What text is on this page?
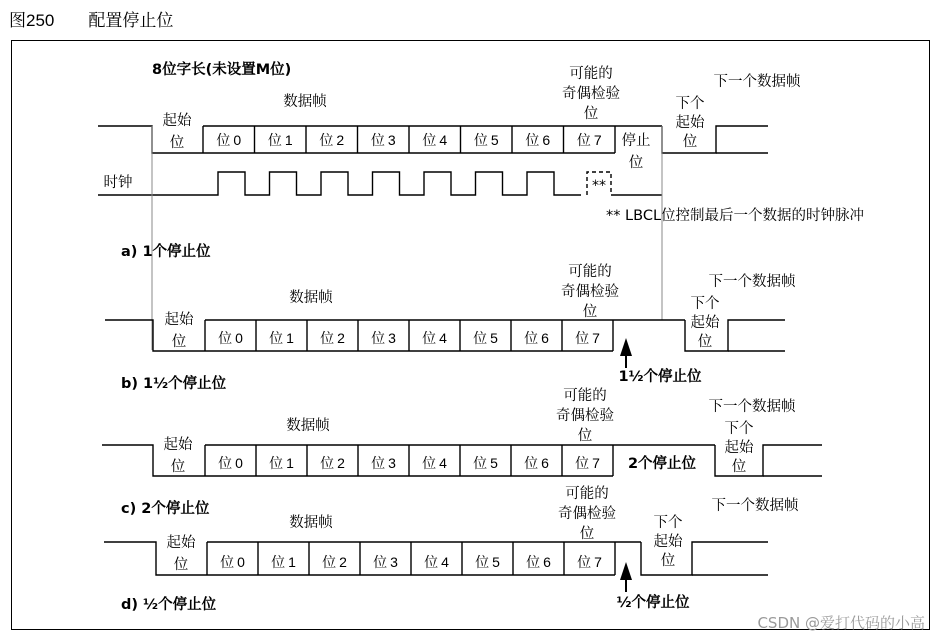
图250 配置停止位
8位字长(未设置M位)
位 0 位 1 位 2 位 3 位 4 位 5 位 6 位 7
起始
位
数据帧
可能的
奇偶检验
位
停止
位
下个
起始
位
下一个数据帧
时钟	**
** LBCL位控制最后一个数据的时钟脉冲
a) 1个停止位
位 0 位 1 位 2 位 3 位 4 位 5 位 6 位 7
起始
位
数据帧
可能的
奇偶检验
位	下个
起始
位
下一个数据帧
1½个停止位
b) 1½个停止位
位 0 位 1 位 2 位 3 位 4 位 5 位 6 位 7
起始
位
数据帧
可能的
奇偶检验
位	下个
起始
位
下一个数据帧
2个停止位
c) 2个停止位
位 0 位 1 位 2 位 3 位 4 位 5 位 6 位 7
起始
位
数据帧
可能的
奇偶检验
位
下个
起始
位
下一个数据帧
½个停止位
d) ½个停止位
CSDN @爱打代码的小高
